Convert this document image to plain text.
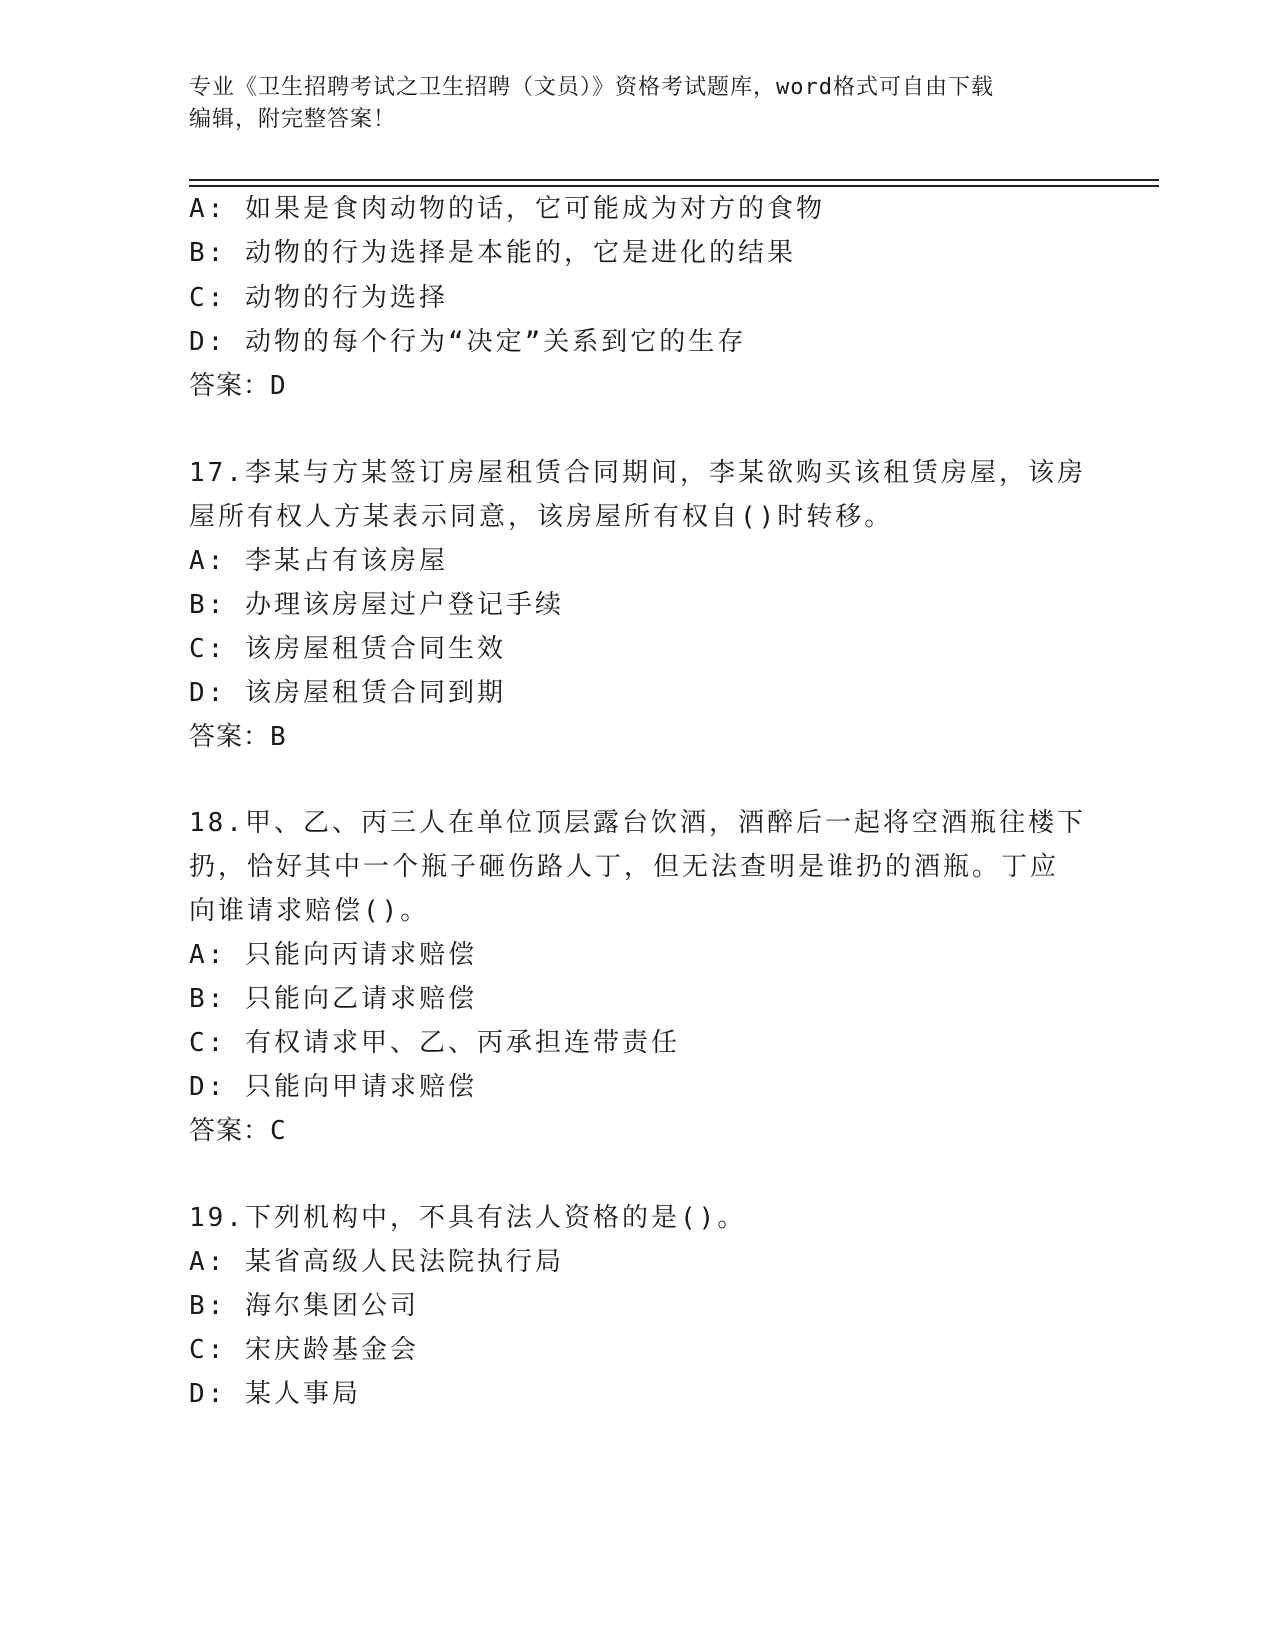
专业《卫生招聘考试之卫生招聘（文员）》资格考试题库，word格式可自由下载
编辑，附完整答案！
A: 如果是食肉动物的话，它可能成为对方的食物
B: 动物的行为选择是本能的，它是进化的结果
C: 动物的行为选择
D: 动物的每个行为“决定”关系到它的生存
答案：D
17.李某与方某签订房屋租赁合同期间，李某欲购买该租赁房屋，该房
屋所有权人方某表示同意，该房屋所有权自()时转移。
A: 李某占有该房屋
B: 办理该房屋过户登记手续
C: 该房屋租赁合同生效
D: 该房屋租赁合同到期
答案：B
18.甲、乙、丙三人在单位顶层露台饮酒，酒醉后一起将空酒瓶往楼下
扔，恰好其中一个瓶子砸伤路人丁，但无法查明是谁扔的酒瓶。丁应
向谁请求赔偿()。
A: 只能向丙请求赔偿
B: 只能向乙请求赔偿
C: 有权请求甲、乙、丙承担连带责任
D: 只能向甲请求赔偿
答案：C
19.下列机构中，不具有法人资格的是()。
A: 某省高级人民法院执行局
B: 海尔集团公司
C: 宋庆龄基金会
D: 某人事局
